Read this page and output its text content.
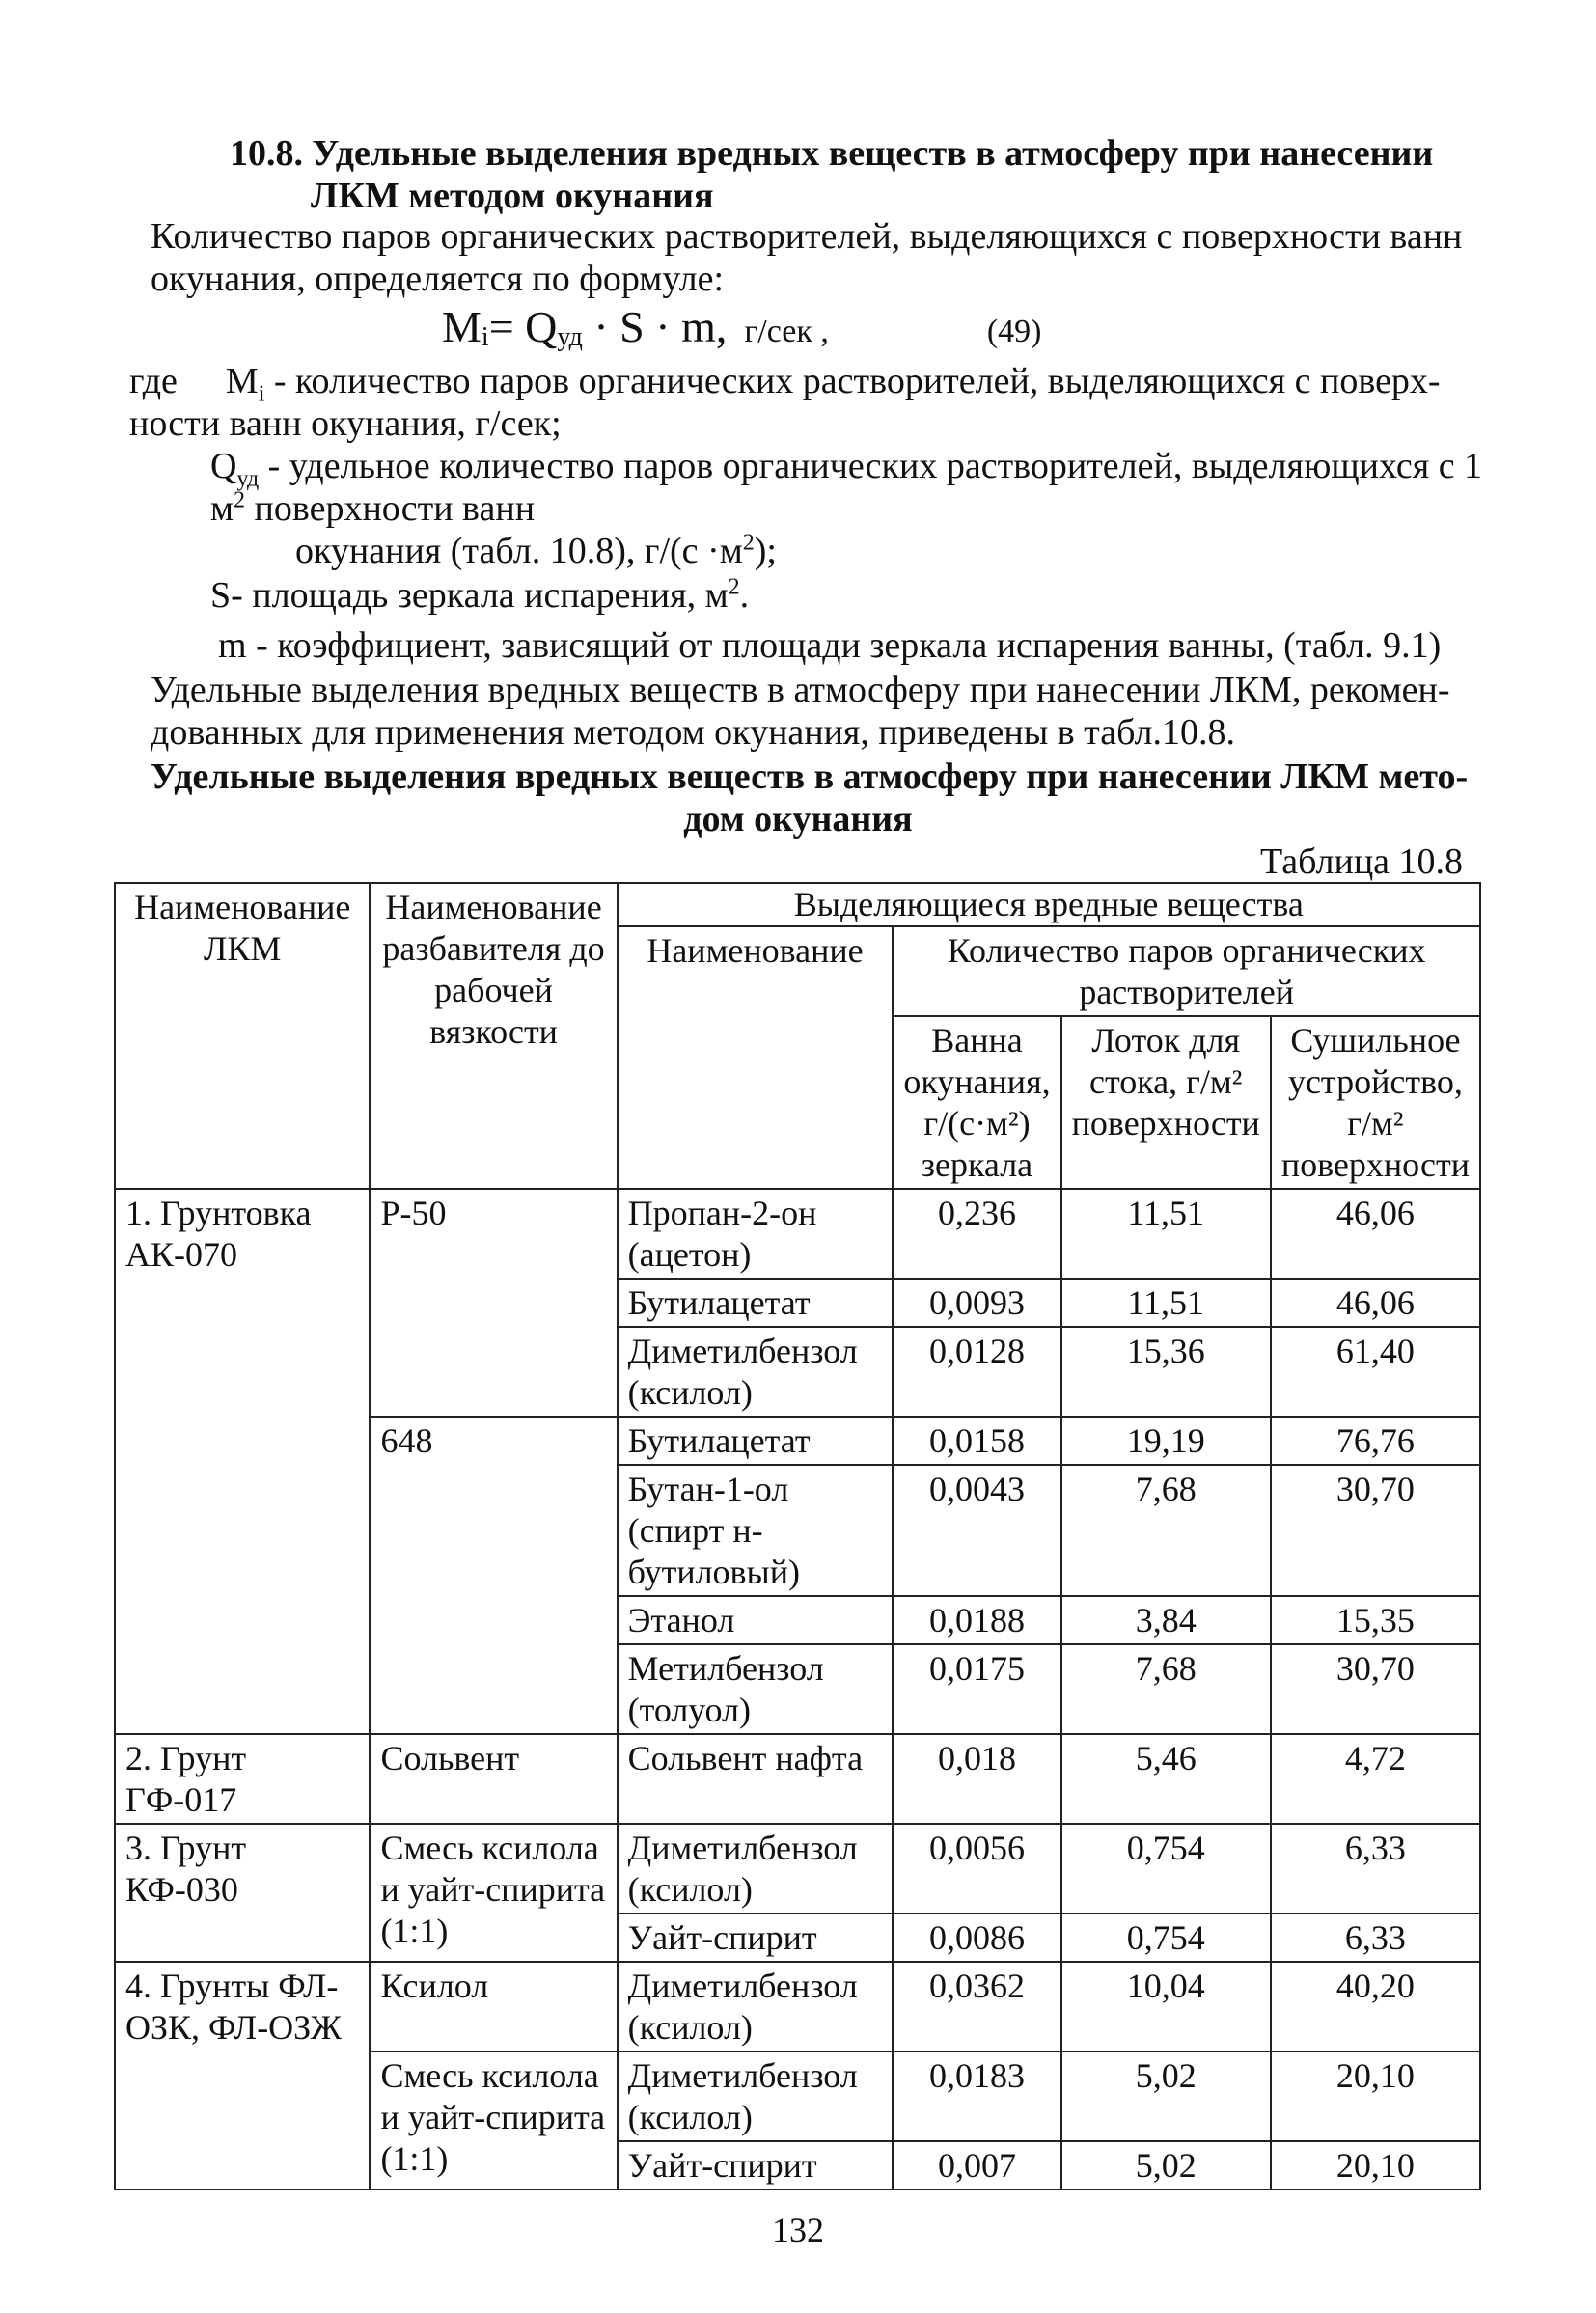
10.8. Удельные выделения вредных веществ в атмосферу при нанесении
ЛКМ методом окунания
Количество паров органических растворителей, выделяющихся с поверхности ванн
окунания, определяется по формуле:
$M_i= Q_{уд} \cdot S \cdot m$, г/сек ,	(49)
где $M_i$ - количество паров органических растворителей, выделяющихся с поверх-
ности ванн окунания, г/сек;
$Q_{уд}$ - удельное количество паров органических растворителей, выделяющихся с 1
$м^2$ поверхности ванн
окунания (табл. 10.8), $г/(с \cdot м^2)$;
S- площадь зеркала испарения, $м^2$.
m - коэффициент, зависящий от площади зеркала испарения ванны, (табл. 9.1)
Удельные выделения вредных веществ в атмосферу при нанесении ЛКМ, рекомен-
дованных для применения методом окунания, приведены в табл.10.8.
Удельные выделения вредных веществ в атмосферу при нанесении ЛКМ мето-
дом окунания
Таблица 10.8
Наименование ЛКМ	Наименование разбавителя до рабочей вязкости	Выделяющиеся вредные вещества			
		Наименование	Количество паров органических растворителей		
			Ванна окунания, г/(с·м²) зеркала	Лоток для стока, г/м² поверхности	Сушильное устройство, г/м² поверхности
1. Грунтовка АК-070	Р-50	Пропан-2-он (ацетон)	0,236	11,51	46,06
		Бутилацетат	0,0093	11,51	46,06
		Диметилбензол (ксилол)	0,0128	15,36	61,40
	648	Бутилацетат	0,0158	19,19	76,76
		Бутан-1-ол (спирт н-бутиловый)	0,0043	7,68	30,70
		Этанол	0,0188	3,84	15,35
		Метилбензол (толуол)	0,0175	7,68	30,70
2. Грунт ГФ-017	Сольвент	Сольвент нафта	0,018	5,46	4,72
3. Грунт КФ-030	Смесь ксилола и уайт-спирита (1:1)	Диметилбензол (ксилол)	0,0056	0,754	6,33
		Уайт-спирит	0,0086	0,754	6,33
4. Грунты ФЛ-ОЗК, ФЛ-ОЗЖ	Ксилол	Диметилбензол (ксилол)	0,0362	10,04	40,20
	Смесь ксилола и уайт-спирита (1:1)	Диметилбензол (ксилол)	0,0183	5,02	20,10
		Уайт-спирит	0,007	5,02	20,10
132
